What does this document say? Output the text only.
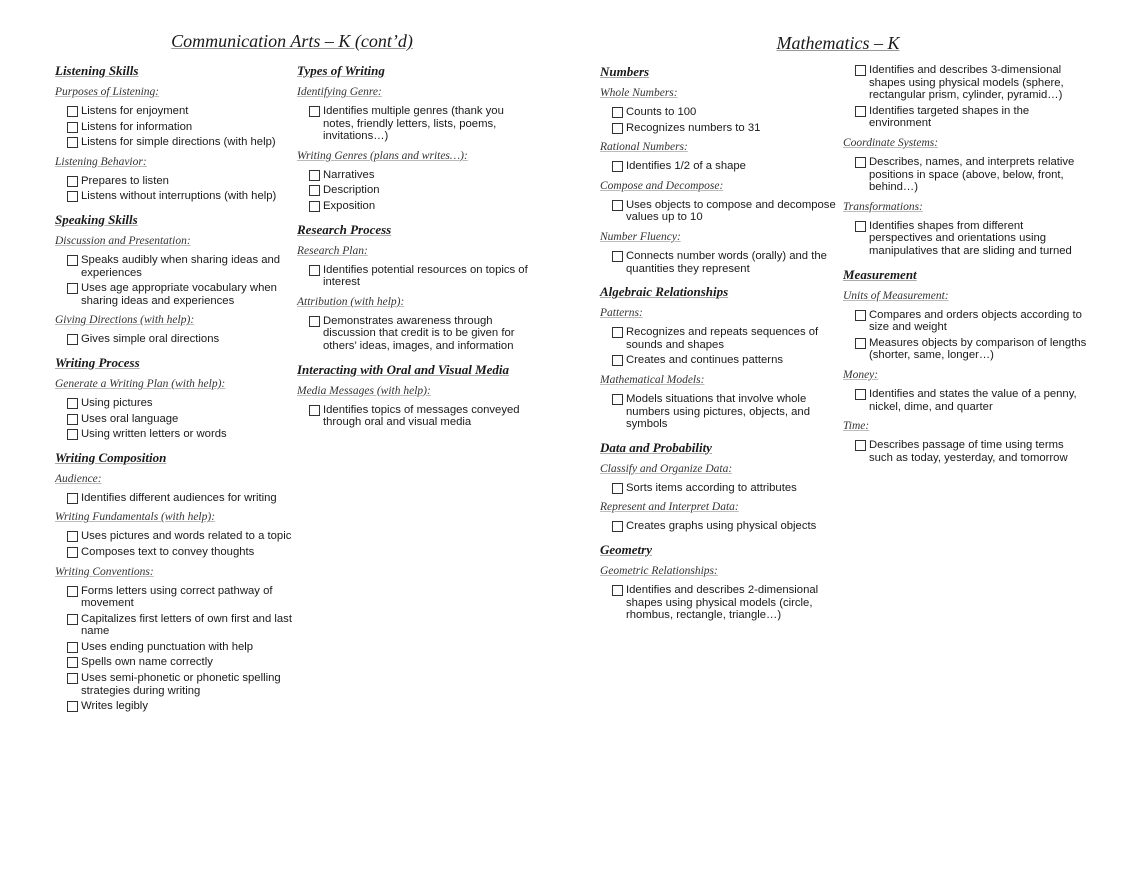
Communication Arts – K (cont’d)	Mathematics – K
Listening Skills
Purposes of Listening:
Listens for enjoyment
Listens for information
Listens for simple directions (with help)
Listening Behavior:
Prepares to listen
Listens without interruptions (with help)
Speaking Skills
Discussion and Presentation:
Speaks audibly when sharing ideas and experiences
Uses age appropriate vocabulary when sharing ideas and experiences
Giving Directions (with help):
Gives simple oral directions
Writing Process
Generate a Writing Plan (with help):
Using pictures
Uses oral language
Using written letters or words
Writing Composition
Audience:
Identifies different audiences for writing
Writing Fundamentals (with help):
Uses pictures and words related to a topic
Composes text to convey thoughts
Writing Conventions:
Forms letters using correct pathway of movement
Capitalizes first letters of own first and last name
Uses ending punctuation with help
Spells own name correctly
Uses semi-phonetic or phonetic spelling strategies during writing
Writes legibly
Types of Writing
Identifying Genre:
Identifies multiple genres (thank you notes, friendly letters, lists, poems, invitations…)
Writing Genres (plans and writes…):
Narratives
Description
Exposition
Research Process
Research Plan:
Identifies potential resources on topics of interest
Attribution (with help):
Demonstrates awareness through discussion that credit is to be given for others’ ideas, images, and information
Interacting with Oral and Visual Media
Media Messages (with help):
Identifies topics of messages conveyed through oral and visual media
Numbers
Whole Numbers:
Counts to 100
Recognizes numbers to 31
Rational Numbers:
Identifies 1/2 of a shape
Compose and Decompose:
Uses objects to compose and decompose values up to 10
Number Fluency:
Connects number words (orally) and the quantities they represent
Algebraic Relationships
Patterns:
Recognizes and repeats sequences of sounds and shapes
Creates and continues patterns
Mathematical Models:
Models situations that involve whole numbers using pictures, objects, and symbols
Data and Probability
Classify and Organize Data:
Sorts items according to attributes
Represent and Interpret Data:
Creates graphs using physical objects
Geometry
Geometric Relationships:
Identifies and describes 2-dimensional shapes using physical models (circle, rhombus, rectangle, triangle…)
Identifies and describes 3-dimensional shapes using physical models (sphere, rectangular prism, cylinder, pyramid…)
Identifies targeted shapes in the environment
Coordinate Systems:
Describes, names, and interprets relative positions in space (above, below, front, behind…)
Transformations:
Identifies shapes from different perspectives and orientations using manipulatives that are sliding and turned
Measurement
Units of Measurement:
Compares and orders objects according to size and weight
Measures objects by comparison of lengths (shorter, same, longer…)
Money:
Identifies and states the value of a penny, nickel, dime, and quarter
Time:
Describes passage of time using terms such as today, yesterday, and tomorrow
